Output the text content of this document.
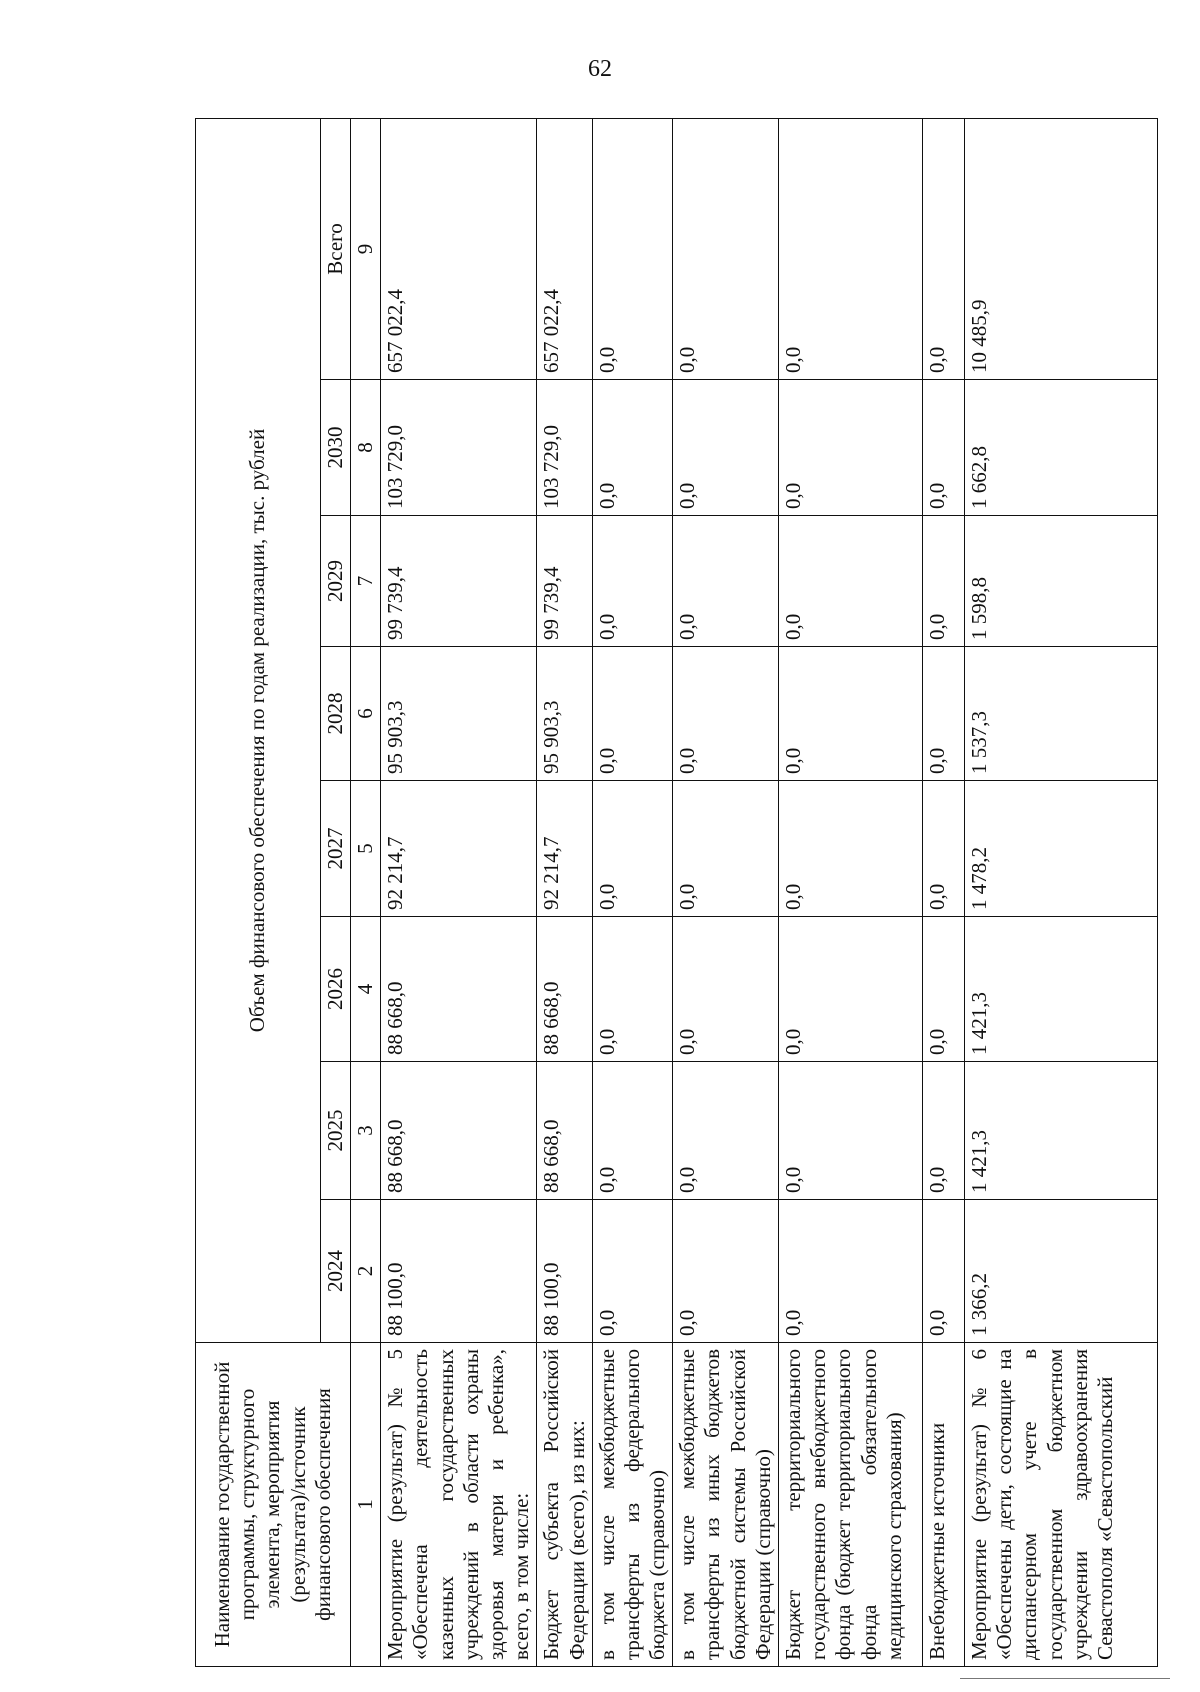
62
Наименование государственной программы, структурного элемента, мероприятия (результата)/источник финансового обеспечения	Объем финансового обеспечения по годам реализации, тыс. рублей							
	2024	2025	2026	2027	2028	2029	2030	Всего
1	2	3	4	5	6	7	8	9
Мероприятие (результат) № 5 «Обеспечена деятельность казенных государственных учреждений в области охраны здоровья матери и ребенка», всего, в том числе:	88 100,0	88 668,0	88 668,0	92 214,7	95 903,3	99 739,4	103 729,0	657 022,4
Бюджет субъекта Российской Федерации (всего), из них:	88 100,0	88 668,0	88 668,0	92 214,7	95 903,3	99 739,4	103 729,0	657 022,4
в том числе межбюджетные трансферты из федерального бюджета (справочно)	0,0	0,0	0,0	0,0	0,0	0,0	0,0	0,0
в том числе межбюджетные трансферты из иных бюджетов бюджетной системы Российской Федерации (справочно)	0,0	0,0	0,0	0,0	0,0	0,0	0,0	0,0
Бюджет территориального государственного внебюджетного фонда (бюджет территориального фонда обязательного медицинского страхования)	0,0	0,0	0,0	0,0	0,0	0,0	0,0	0,0
Внебюджетные источники	0,0	0,0	0,0	0,0	0,0	0,0	0,0	0,0
Мероприятие (результат) № 6 «Обеспечены дети, состоящие на диспансерном учете в государственном бюджетном учреждении здравоохранения Севастополя «Севастопольский	1 366,2	1 421,3	1 421,3	1 478,2	1 537,3	1 598,8	1 662,8	10 485,9
